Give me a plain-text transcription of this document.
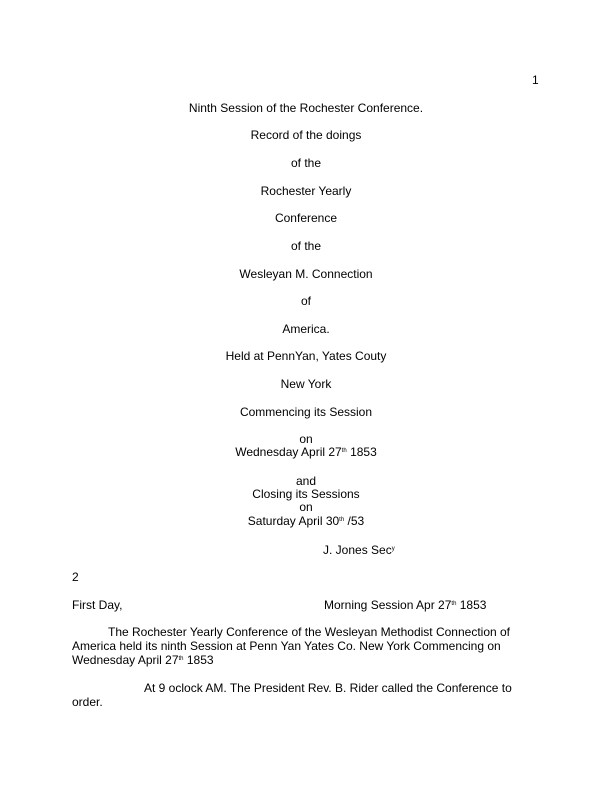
1
Ninth Session of the Rochester Conference.
Record of the doings
of the
Rochester Yearly
Conference
of the
Wesleyan M. Connection
of
America.
Held at PennYan, Yates Couty
New York
Commencing its Session
on
Wednesday April 27th 1853
and
Closing its Sessions
on
Saturday April 30th /53
J. Jones Sec$^y$
2
First Day,	Morning Session Apr 27th 1853
The Rochester Yearly Conference of the Wesleyan Methodist Connection of America held its ninth Session at Penn Yan Yates Co. New York Commencing on Wednesday April 27th 1853
At 9 oclock AM. The President Rev. B. Rider called the Conference to order.
